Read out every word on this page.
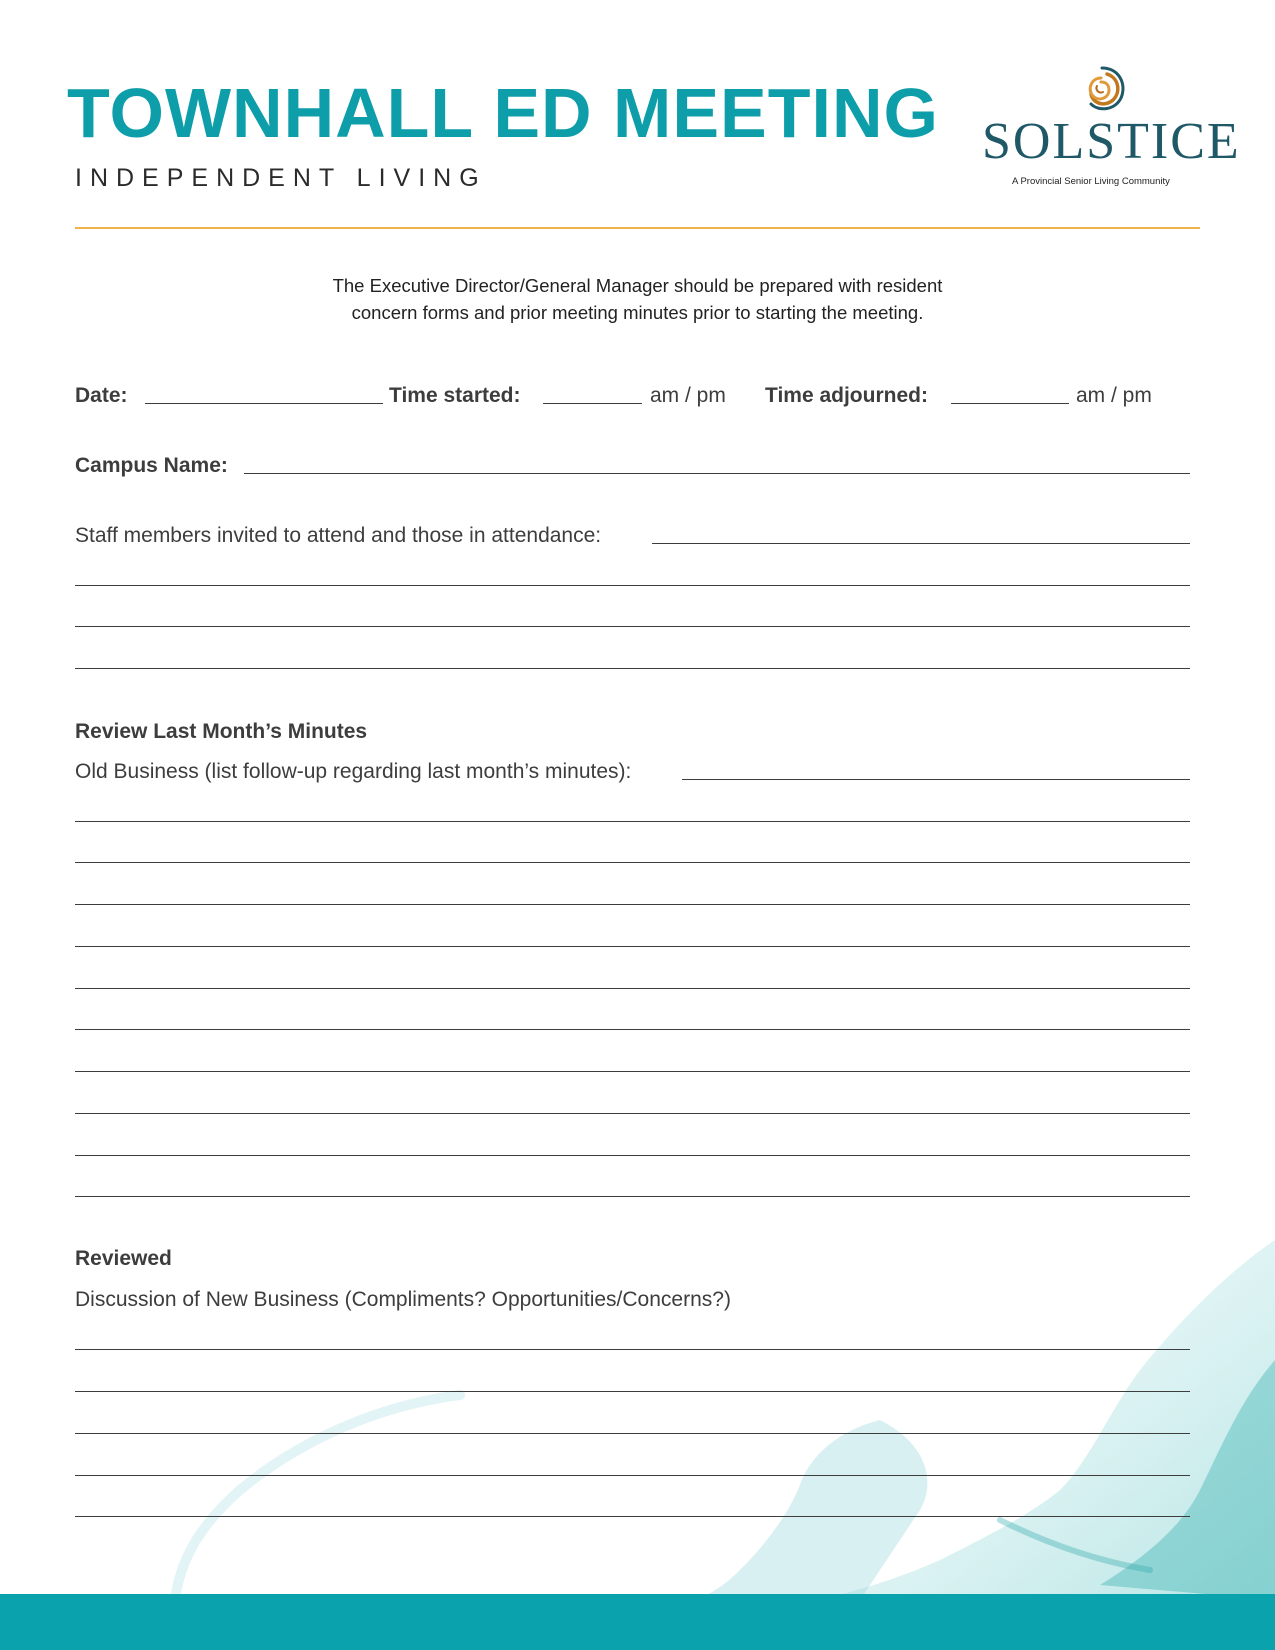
TOWNHALL ED MEETING
INDEPENDENT LIVING
SOLSTICE
A Provincial Senior Living Community
The Executive Director/General Manager should be prepared with resident
concern forms and prior meeting minutes prior to starting the meeting.
Date:	Time started:	am / pm Time adjourned:	am / pm
Campus Name:
Staff members invited to attend and those in attendance:
Review Last Month’s Minutes
Old Business (list follow-up regarding last month’s minutes):
Reviewed
Discussion of New Business (Compliments? Opportunities/Concerns?)
